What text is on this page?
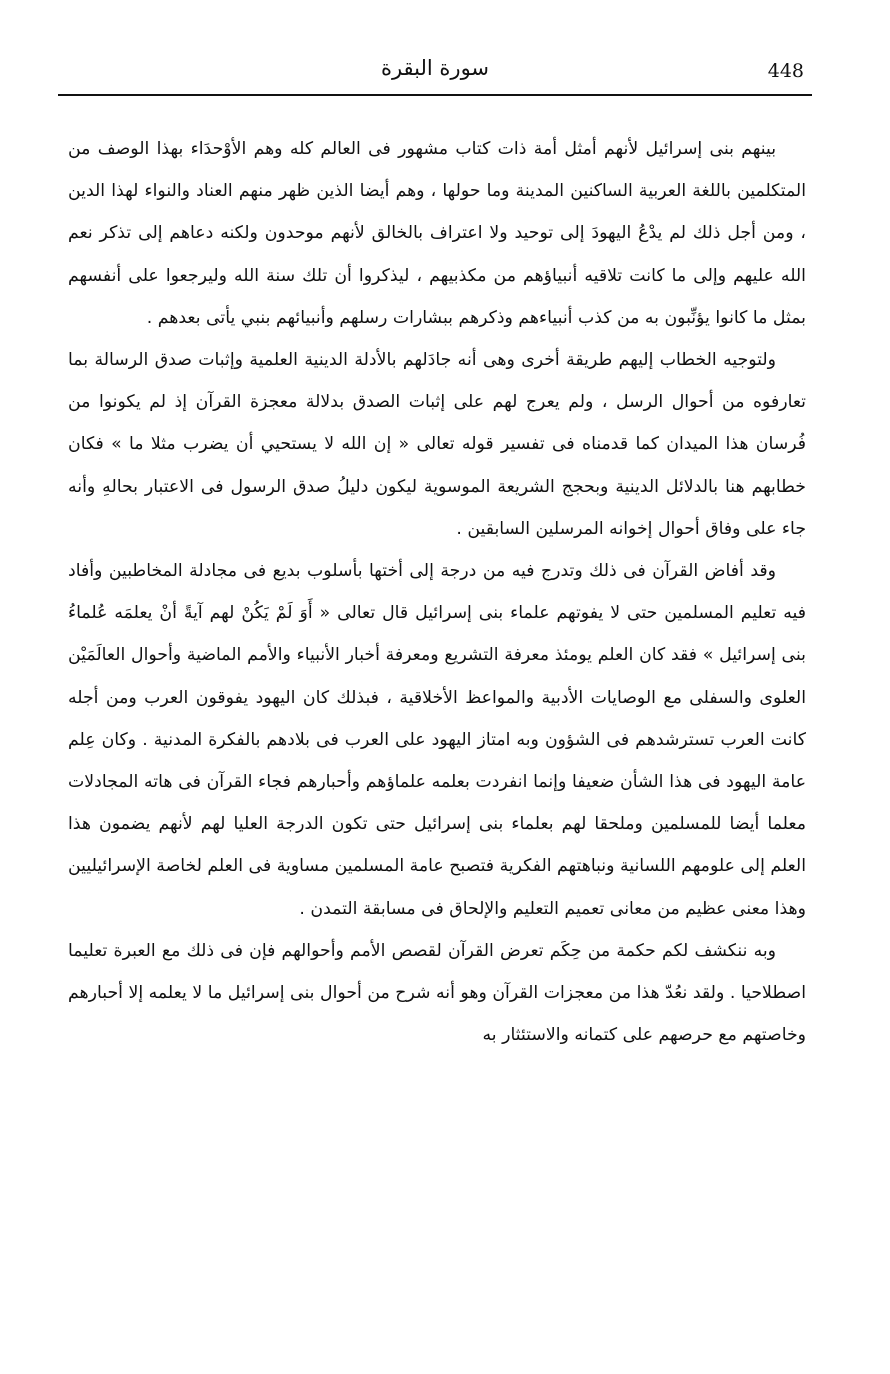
448
سورة البقرة

بينهم بنى إسرائيل لأنهم أمثل أمة ذات كتاب مشهور فى العالم كله وهم الأوْحدَاء بهذا الوصف من المتكلمين باللغة العربية الساكنين المدينة وما حولها ، وهم أيضا الذين ظهر منهم العناد والنواء لهذا الدين ، ومن أجل ذلك لم يدْعُ اليهودَ إلى توحيد ولا اعتراف بالخالق لأنهم موحدون ولكنه دعاهم إلى تذكر نعم الله عليهم وإلى ما كانت تلاقيه أنبياؤهم من مكذبيهم ، ليذكروا أن تلك سنة الله وليرجعوا على أنفسهم بمثل ما كانوا يؤنِّبون به من كذب أنبياءهم وذكرهم ببشارات رسلهم وأنبيائهم بنبي يأتى بعدهم .

ولتوجيه الخطاب إليهم طريقة أخرى وهى أنه جادَلهم بالأدلة الدينية العلمية وإثبات صدق الرسالة بما تعارفوه من أحوال الرسل ، ولم يعرج لهم على إثبات الصدق بدلالة معجزة القرآن إذ لم يكونوا من فُرسان هذا الميدان كما قدمناه فى تفسير قوله تعالى « إن الله لا يستحيي أن يضرب مثلا ما » فكان خطابهم هنا بالدلائل الدينية وبحجج الشريعة الموسوية ليكون دليلُ صدق الرسول فى الاعتبار بحالهِ وأنه جاء على وفاق أحوال إخوانه المرسلين السابقين .

وقد أفاض القرآن فى ذلك وتدرج فيه من درجة إلى أختها بأسلوب بديع فى مجادلة المخاطبين وأفاد فيه تعليم المسلمين حتى لا يفوتهم علماء بنى إسرائيل قال تعالى « أَوَ لَمْ يَكُنْ لهم آيةً أنْ يعلمَه عُلماءُ بنى إسرائيل » فقد كان العلم يومئذ معرفة التشريع ومعرفة أخبار الأنبياء والأمم الماضية وأحوال العالَمَيْن العلوى والسفلى مع الوصايات الأدبية والمواعظ الأخلاقية ، فبذلك كان اليهود يفوقون العرب ومن أجله كانت العرب تسترشدهم فى الشؤون وبه امتاز اليهود على العرب فى بلادهم بالفكرة المدنية . وكان عِلم عامة اليهود فى هذا الشأن ضعيفا وإنما انفردت بعلمه علماؤهم وأحبارهم فجاء القرآن فى هاته المجادلات معلما أيضا للمسلمين وملحقا لهم بعلماء بنى إسرائيل حتى تكون الدرجة العليا لهم لأنهم يضمون هذا العلم إلى علومهم اللسانية ونباهتهم الفكرية فتصبح عامة المسلمين مساوية فى العلم لخاصة الإسرائيليين وهذا معنى عظيم من معانى تعميم التعليم والإلحاق فى مسابقة التمدن .

وبه ننكشف لكم حكمة من حِكَم تعرض القرآن لقصص الأمم وأحوالهم فإن فى ذلك مع العبرة تعليما اصطلاحيا . ولقد نعُدّ هذا من معجزات القرآن وهو أنه شرح من أحوال بنى إسرائيل ما لا يعلمه إلا أحبارهم وخاصتهم مع حرصهم على كتمانه والاستئثار به
